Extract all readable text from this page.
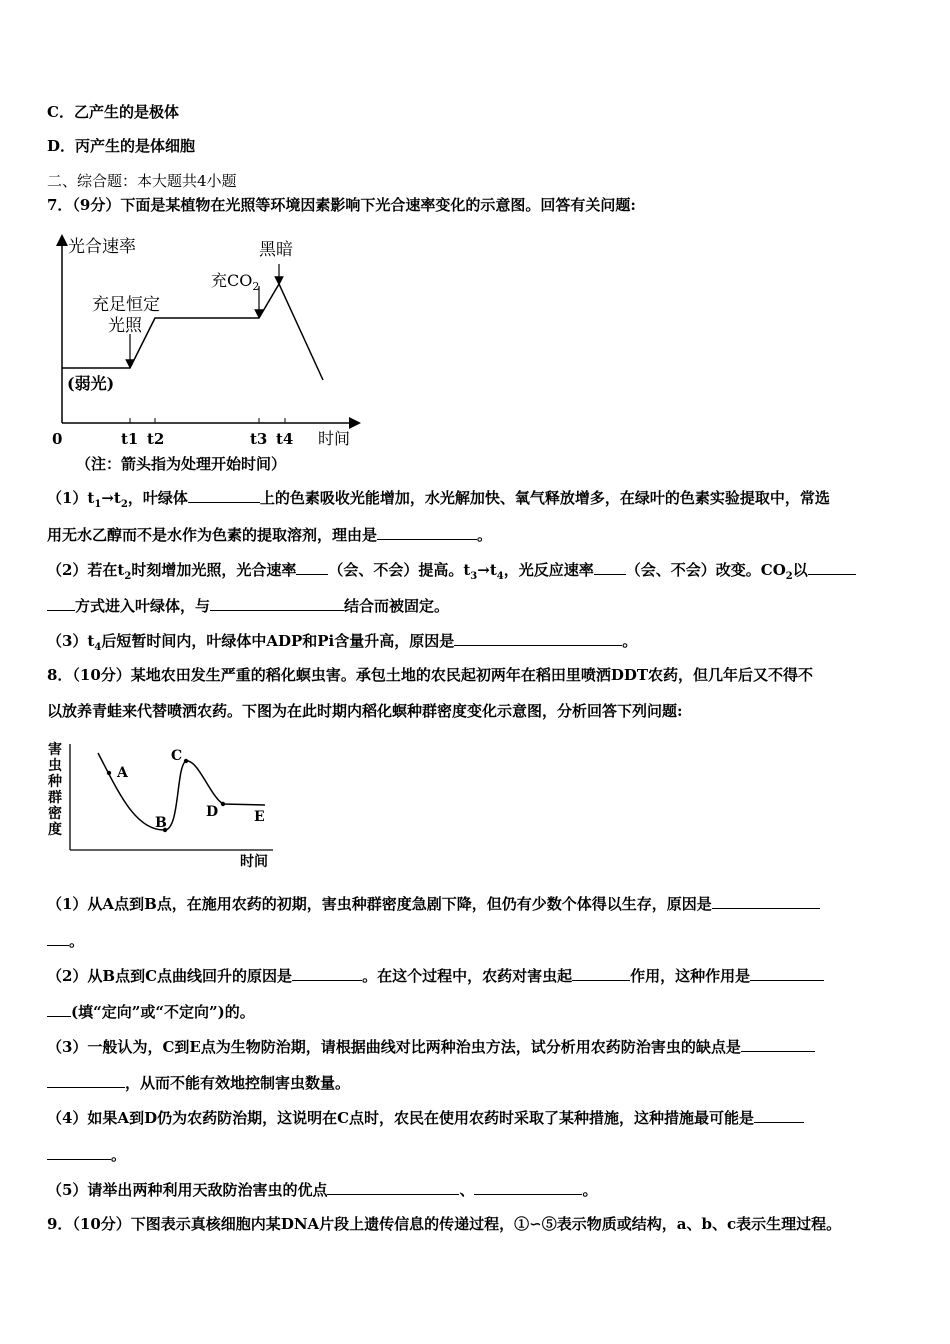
C．乙产生的是极体
D．丙产生的是体细胞
二、综合题：本大题共4小题
7．（9分）下面是某植物在光照等环境因素影响下光合速率变化的示意图。回答有关问题:
光合速率
时间
0	t1 t2	t3 t4
(弱光)
充足恒定
光照
充$CO_2$
黑暗
（注：箭头指为处理开始时间）
$(1)t_1\to t_2$，叶绿体	上的色素吸收光能增加，水光解加快、氧气释放增多，在绿叶的色素实验提取中，常选
用无水乙醇而不是水作为色素的提取溶剂，理由是	。
（2）若在$t_2$时刻增加光照，光合速率 （会、不会）提高。$t_3\to t_4$，光反应速率 （会、不会）改变。$CO_2$以
方式进入叶绿体，与	结合而被固定。
$(3)t_4$后短暂时间内，叶绿体中ADP和Pi含量升高，原因是	。
8．（10分）某地农田发生严重的稻化螟虫害。承包土地的农民起初两年在稻田里喷洒DDT农药，但几年后又不得不
以放养青蛙来代替喷洒农药。下图为在此时期内稻化螟种群密度变化示意图，分析回答下列问题:
害
虫
种
群
密
度
时间
A
B
C
D	E
（1）从A点到B点，在施用农药的初期，害虫种群密度急剧下降，但仍有少数个体得以生存，原因是
。
（2）从B点到C点曲线回升的原因是	。在这个过程中，农药对害虫起	作用，这种作用是
(填“定向”或“不定向”)的。
（3）一般认为，C到E点为生物防治期，请根据曲线对比两种治虫方法，试分析用农药防治害虫的缺点是
，从而不能有效地控制害虫数量。
（4）如果A到D仍为农药防治期，这说明在C点时，农民在使用农药时采取了某种措施，这种措施最可能是
。
（5）请举出两种利用天敌防治害虫的优点	、	。
9．（10分）下图表示真核细胞内某DNA片段上遗传信息的传递过程，①∽⑤表示物质或结构，a、b、c表示生理过程。
